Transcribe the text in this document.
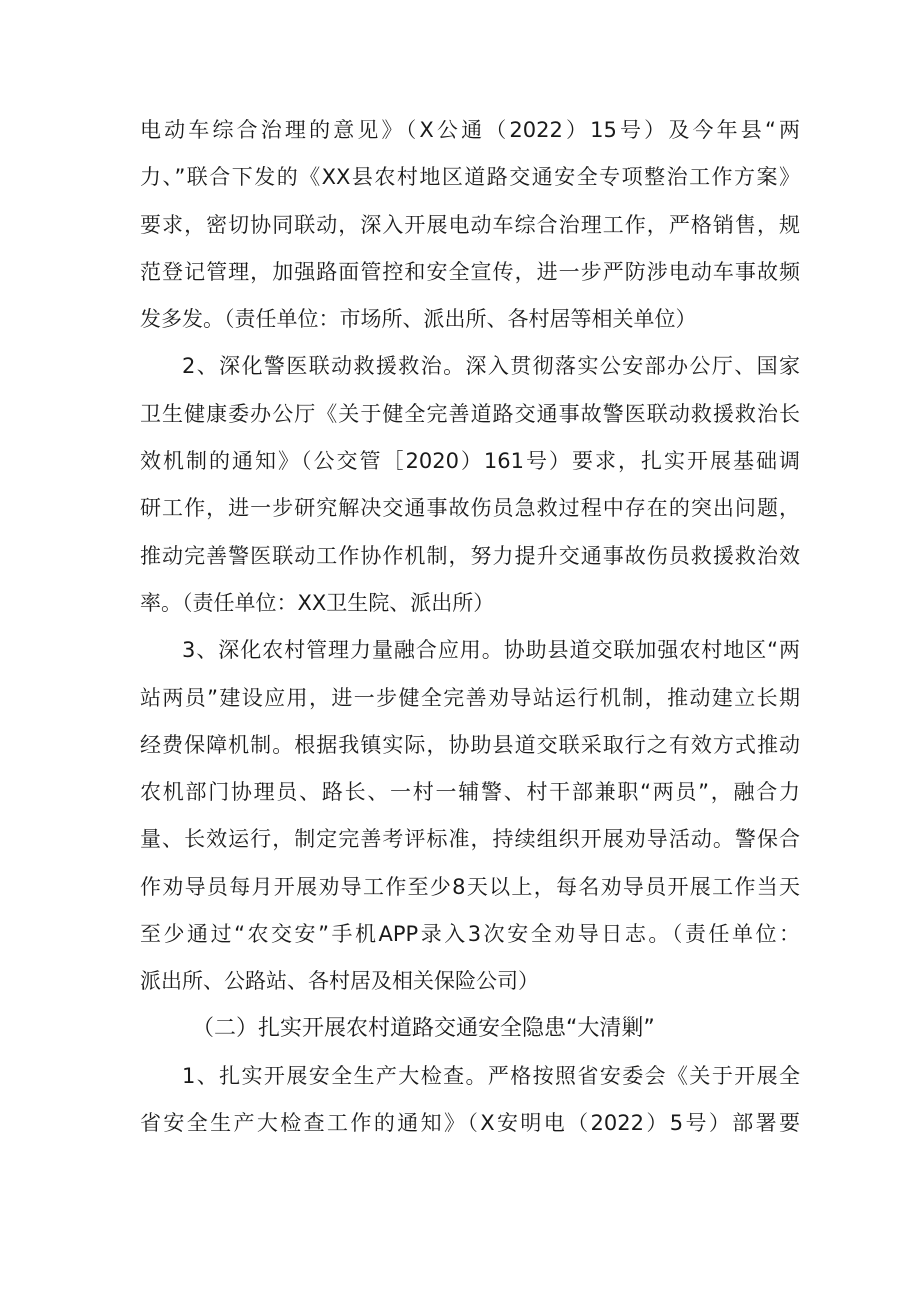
电动车综合治理的意见》（X公通（2022）15号）及今年县“两
力、”联合下发的《XX县农村地区道路交通安全专项整治工作方案》
要求，密切协同联动，深入开展电动车综合治理工作，严格销售，规
范登记管理，加强路面管控和安全宣传，进一步严防涉电动车事故频
发多发。（责任单位：市场所、派出所、各村居等相关单位）
2、深化警医联动救援救治。深入贯彻落实公安部办公厅、国家
卫生健康委办公厅《关于健全完善道路交通事故警医联动救援救治长
效机制的通知》（公交管［2020）161号）要求，扎实开展基础调
研工作，进一步研究解决交通事故伤员急救过程中存在的突出问题，
推动完善警医联动工作协作机制，努力提升交通事故伤员救援救治效
率。（责任单位：XX卫生院、派出所）
3、深化农村管理力量融合应用。协助县道交联加强农村地区“两
站两员”建设应用，进一步健全完善劝导站运行机制，推动建立长期
经费保障机制。根据我镇实际，协助县道交联采取行之有效方式推动
农机部门协理员、路长、一村一辅警、村干部兼职“两员”，融合力
量、长效运行，制定完善考评标准，持续组织开展劝导活动。警保合
作劝导员每月开展劝导工作至少8天以上，每名劝导员开展工作当天
至少通过“农交安”手机APP录入3次安全劝导日志。（责任单位：
派出所、公路站、各村居及相关保险公司）
（二）扎实开展农村道路交通安全隐患“大清剿”
1、扎实开展安全生产大检查。严格按照省安委会《关于开展全
省安全生产大检查工作的通知》（X安明电（2022）5号）部署要
